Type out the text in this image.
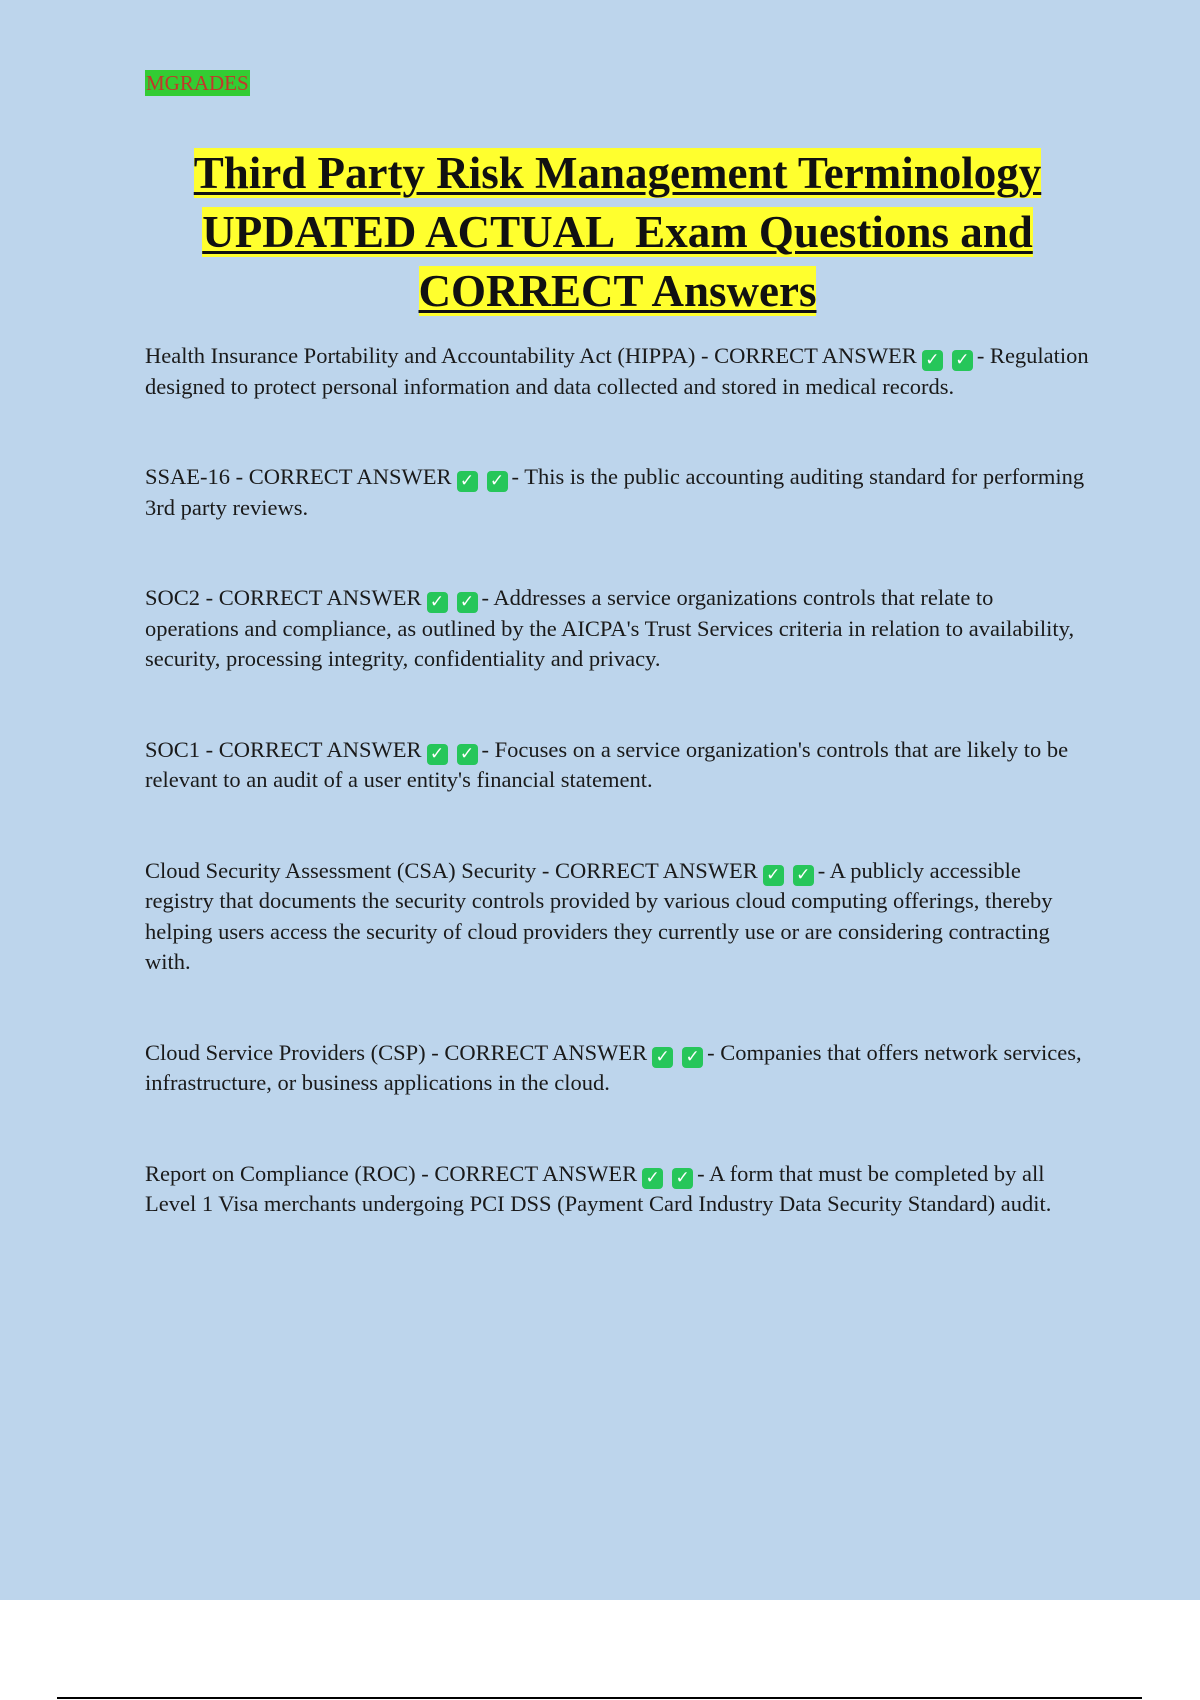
MGRADES
Third Party Risk Management Terminology
UPDATED ACTUAL  Exam Questions and
CORRECT Answers

Health Insurance Portability and Accountability Act (HIPPA) - CORRECT ANSWER ✓ ✓	- Regulation designed to protect personal information and data collected and stored in medical records.

SSAE-16 - CORRECT ANSWER ✓ ✓	- This is the public accounting auditing standard for performing 3rd party reviews.

SOC2 - CORRECT ANSWER ✓ ✓	- Addresses a service organizations controls that relate to operations and compliance, as outlined by the AICPA's Trust Services criteria in relation to availability, security, processing integrity, confidentiality and privacy.

SOC1 - CORRECT ANSWER ✓ ✓	- Focuses on a service organization's controls that are likely to be relevant to an audit of a user entity's financial statement.

Cloud Security Assessment (CSA) Security - CORRECT ANSWER ✓ ✓	- A publicly accessible registry that documents the security controls provided by various cloud computing offerings, thereby helping users access the security of cloud providers they currently use or are considering contracting with.

Cloud Service Providers (CSP) - CORRECT ANSWER ✓ ✓	- Companies that offers network services, infrastructure, or business applications in the cloud.

Report on Compliance (ROC) - CORRECT ANSWER ✓ ✓	- A form that must be completed by all Level 1 Visa merchants undergoing PCI DSS (Payment Card Industry Data Security Standard) audit.
